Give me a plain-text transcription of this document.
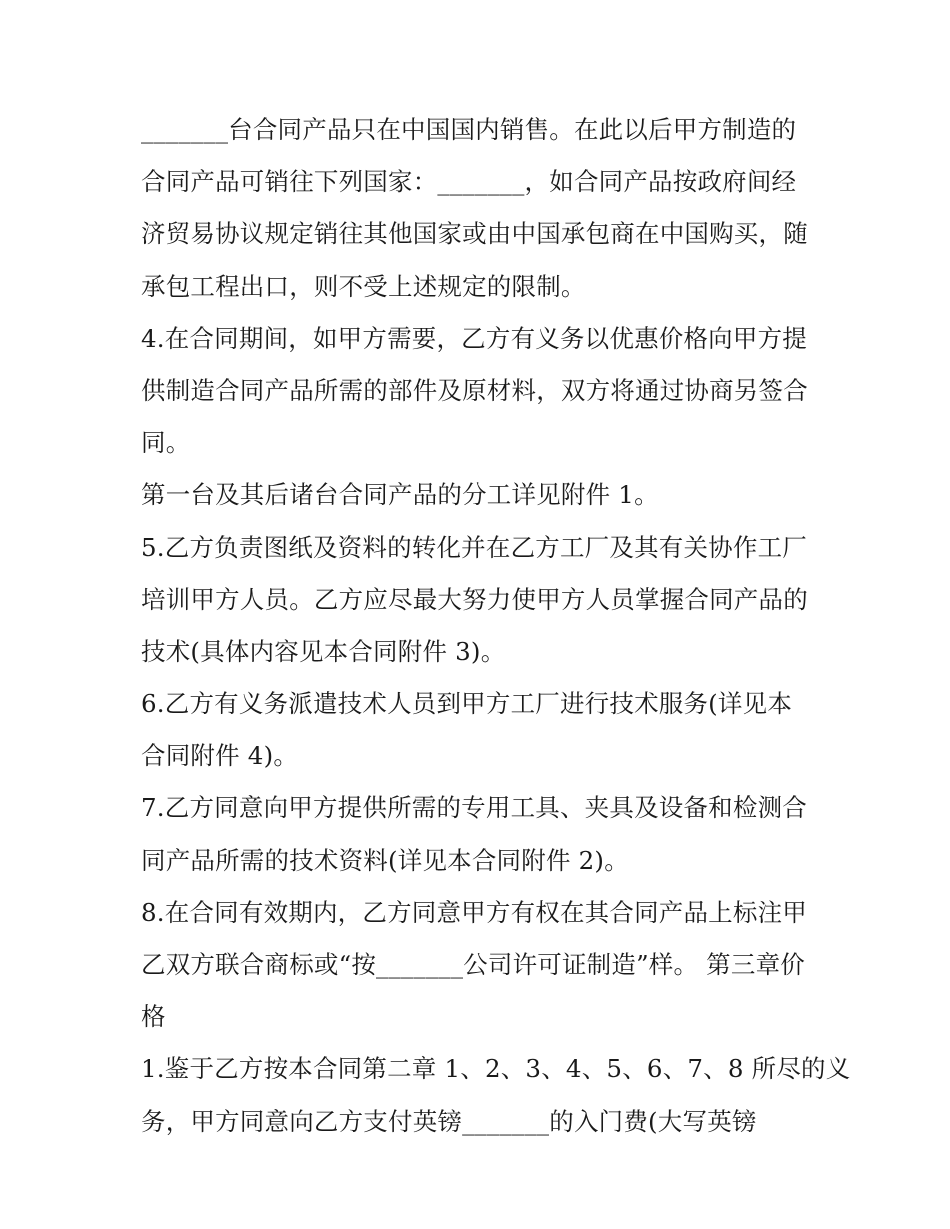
_______台合同产品只在中国国内销售。在此以后甲方制造的

合同产品可销往下列国家：_______，如合同产品按政府间经

济贸易协议规定销往其他国家或由中国承包商在中国购买，随

承包工程出口，则不受上述规定的限制。

4.在合同期间，如甲方需要，乙方有义务以优惠价格向甲方提

供制造合同产品所需的部件及原材料，双方将通过协商另签合

同。

第一台及其后诸台合同产品的分工详见附件 1。

5.乙方负责图纸及资料的转化并在乙方工厂及其有关协作工厂

培训甲方人员。乙方应尽最大努力使甲方人员掌握合同产品的

技术(具体内容见本合同附件 3)。

6.乙方有义务派遣技术人员到甲方工厂进行技术服务(详见本

合同附件 4)。

7.乙方同意向甲方提供所需的专用工具、夹具及设备和检测合

同产品所需的技术资料(详见本合同附件 2)。

8.在合同有效期内，乙方同意甲方有权在其合同产品上标注甲

乙双方联合商标或“按_______公司许可证制造”样。 第三章价

格

1.鉴于乙方按本合同第二章 1、2、3、4、5、6、7、8 所尽的义

务，甲方同意向乙方支付英镑_______的入门费(大写英镑
